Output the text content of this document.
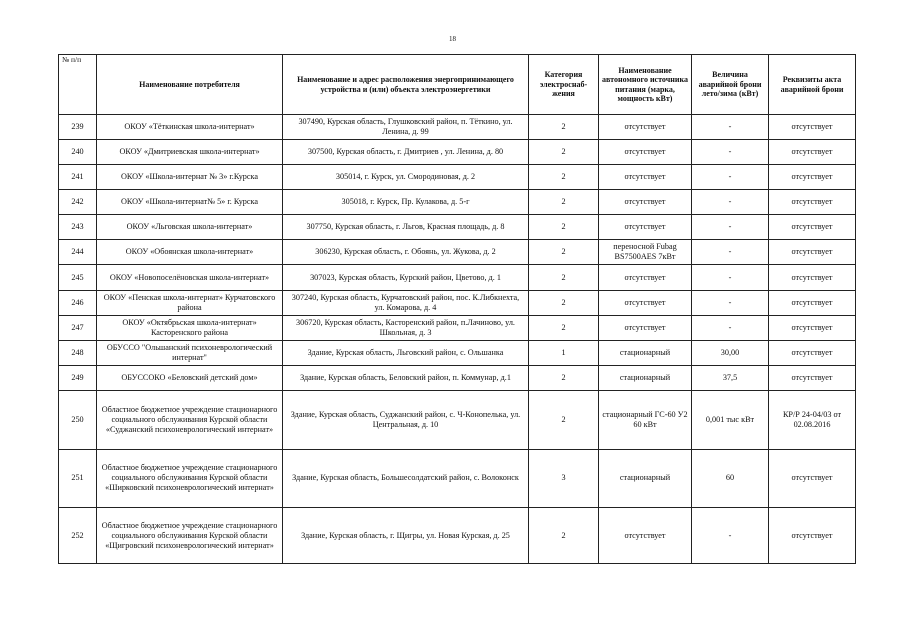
18
№ п/п	Наименование потребителя	Наименование и адрес расположения энергопринимающего устройства и (или) объекта электроэнергетики	Категория электроснаб-жения	Наименование автономного источника питания (марка, мощность кВт)	Величина аварийной брони лето/зима (кВт)	Реквизиты акта аварийной брони
239	ОКОУ «Тёткинская школа-интернат»	307490, Курская область, Глушковский район, п. Тёткино, ул. Ленина, д. 99	2	отсутствует	-	отсутствует
240	ОКОУ «Дмитриевская школа-интернат»	307500, Курская область, г. Дмитриев , ул. Ленина, д. 80	2	отсутствует	-	отсутствует
241	ОКОУ «Школа-интернат № 3» г.Курска	305014, г. Курск, ул. Смородиновая, д. 2	2	отсутствует	-	отсутствует
242	ОКОУ «Школа-интернат№ 5» г. Курска	305018, г. Курск, Пр. Кулакова, д. 5-г	2	отсутствует	-	отсутствует
243	ОКОУ «Льговская школа-интернат»	307750, Курская область, г. Льгов, Красная площадь, д. 8	2	отсутствует	-	отсутствует
244	ОКОУ «Обоянская школа-интернат»	306230, Курская область, г. Обоянь, ул. Жукова, д. 2	2	переносной Fubag BS7500AES 7кВт	-	отсутствует
245	ОКОУ «Новопоселёновская школа-интернат»	307023, Курская область, Курский район, Цветово, д. 1	2	отсутствует	-	отсутствует
246	ОКОУ «Пенская школа-интернат» Курчатовского района	307240, Курская область, Курчатовский район, пос. К.Либкнехта, ул. Комарова, д. 4	2	отсутствует	-	отсутствует
247	ОКОУ «Октябрьская школа-интернат» Касторенского района	306720, Курская область, Касторенский район, п.Лачиново, ул. Школьная, д. 3	2	отсутствует	-	отсутствует
248	ОБУССО "Ольшанский психоневрологический интернат"	Здание, Курская область, Льговский район, с. Ольшанка	1	стационарный	30,00	отсутствует
249	ОБУССОКО «Беловский детский дом»	Здание, Курская область, Беловский район, п. Коммунар, д.1	2	стационарный	37,5	отсутствует
250	Областное бюджетное учреждение стационарного социального обслуживания Курской области «Суджанский психоневрологический интернат»	Здание, Курская область, Суджанский район, с. Ч-Конопелька, ул. Центральная, д. 10	2	стационарный ГС-60 У2 60 кВт	0,001 тыс кВт	КР/Р 24-04/03 от 02.08.2016
251	Областное бюджетное учреждение стационарного социального обслуживания Курской области «Ширковский психоневрологический интернат»	Здание, Курская область, Большесолдатский район, с. Волоконск	3	стационарный	60	отсутствует
252	Областное бюджетное учреждение стационарного социального обслуживания Курской области «Щигровский психоневрологический интернат»	Здание, Курская область, г. Щигры, ул. Новая Курская, д. 25	2	отсутствует	-	отсутствует
